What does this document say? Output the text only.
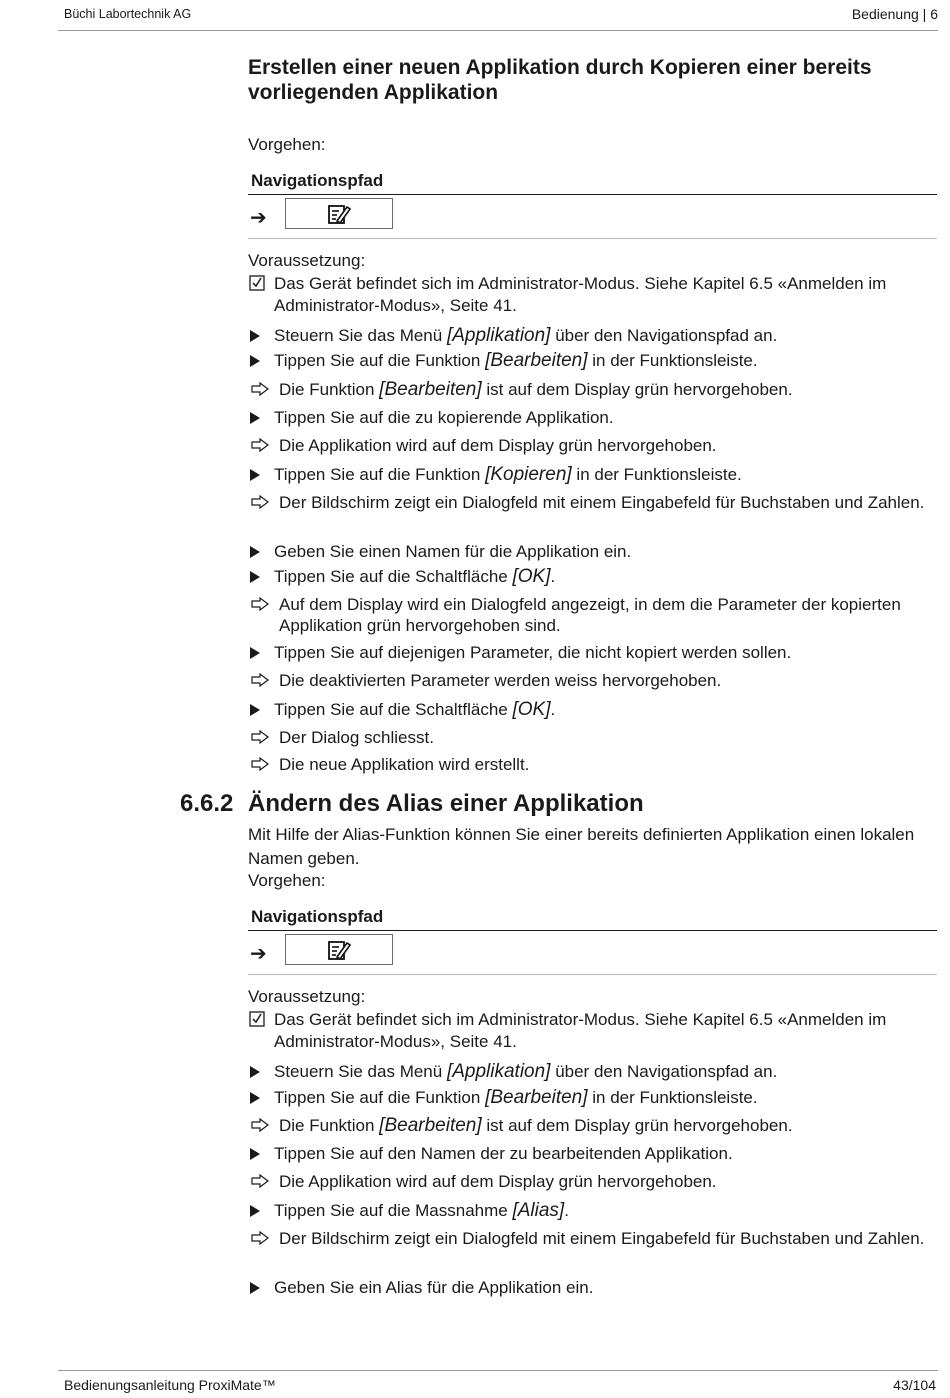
Büchi Labortechnik AG	Bedienung | 6
Erstellen einer neuen Applikation durch Kopieren einer bereits vorliegenden Applikation
Vorgehen:
Navigationspfad
➔
Voraussetzung:
Das Gerät befindet sich im Administrator-Modus. Siehe Kapitel 6.5 «Anmelden im Administrator-Modus», Seite 41.
Steuern Sie das Menü [Applikation] über den Navigationspfad an.
Tippen Sie auf die Funktion [Bearbeiten] in der Funktionsleiste.
Die Funktion [Bearbeiten] ist auf dem Display grün hervorgehoben.
Tippen Sie auf die zu kopierende Applikation.
Die Applikation wird auf dem Display grün hervorgehoben.
Tippen Sie auf die Funktion [Kopieren] in der Funktionsleiste.
Der Bildschirm zeigt ein Dialogfeld mit einem Eingabefeld für Buchstaben und Zahlen.
Geben Sie einen Namen für die Applikation ein.
Tippen Sie auf die Schaltfläche [OK].
Auf dem Display wird ein Dialogfeld angezeigt, in dem die Parameter der kopierten Applikation grün hervorgehoben sind.
Tippen Sie auf diejenigen Parameter, die nicht kopiert werden sollen.
Die deaktivierten Parameter werden weiss hervorgehoben.
Tippen Sie auf die Schaltfläche [OK].
Der Dialog schliesst.
Die neue Applikation wird erstellt.
6.6.2 Ändern des Alias einer Applikation
Mit Hilfe der Alias-Funktion können Sie einer bereits definierten Applikation einen lokalen Namen geben.
Vorgehen:
Navigationspfad
➔
Voraussetzung:
Das Gerät befindet sich im Administrator-Modus. Siehe Kapitel 6.5 «Anmelden im Administrator-Modus», Seite 41.
Steuern Sie das Menü [Applikation] über den Navigationspfad an.
Tippen Sie auf die Funktion [Bearbeiten] in der Funktionsleiste.
Die Funktion [Bearbeiten] ist auf dem Display grün hervorgehoben.
Tippen Sie auf den Namen der zu bearbeitenden Applikation.
Die Applikation wird auf dem Display grün hervorgehoben.
Tippen Sie auf die Massnahme [Alias].
Der Bildschirm zeigt ein Dialogfeld mit einem Eingabefeld für Buchstaben und Zahlen.
Geben Sie ein Alias für die Applikation ein.
Bedienungsanleitung ProxiMate™	43/104
